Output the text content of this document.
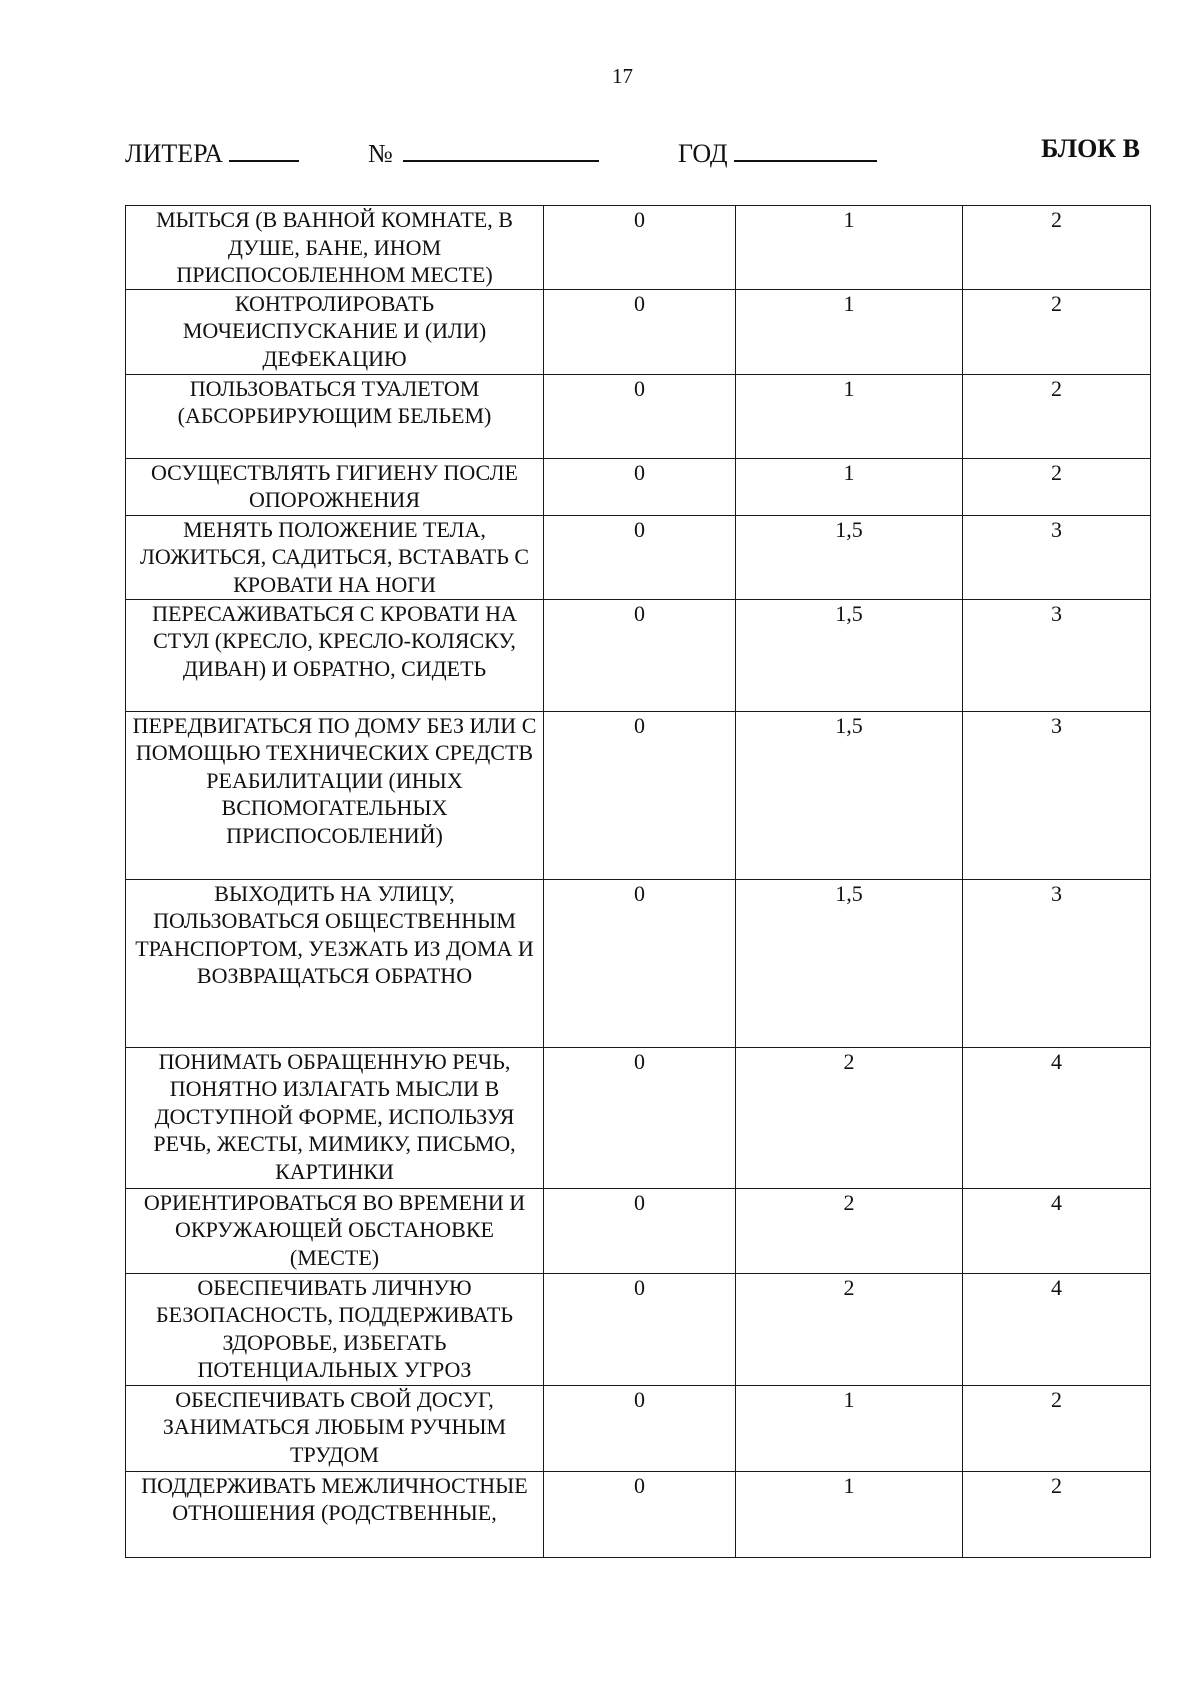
17
ЛИТЕРА	№	ГОД	БЛОК В
МЫТЬСЯ (В ВАННОЙ КОМНАТЕ, В ДУШЕ, БАНЕ, ИНОМ ПРИСПОСОБЛЕННОМ МЕСТЕ)	0	1	2
КОНТРОЛИРОВАТЬ МОЧЕИСПУСКАНИЕ И (ИЛИ) ДЕФЕКАЦИЮ	0	1	2
ПОЛЬЗОВАТЬСЯ ТУАЛЕТОМ (АБСОРБИРУЮЩИМ БЕЛЬЕМ)	0	1	2
ОСУЩЕСТВЛЯТЬ ГИГИЕНУ ПОСЛЕ ОПОРОЖНЕНИЯ	0	1	2
МЕНЯТЬ ПОЛОЖЕНИЕ ТЕЛА, ЛОЖИТЬСЯ, САДИТЬСЯ, ВСТАВАТЬ С КРОВАТИ НА НОГИ	0	1,5	3
ПЕРЕСАЖИВАТЬСЯ С КРОВАТИ НА СТУЛ (КРЕСЛО, КРЕСЛО-КОЛЯСКУ, ДИВАН) И ОБРАТНО, СИДЕТЬ	0	1,5	3
ПЕРЕДВИГАТЬСЯ ПО ДОМУ БЕЗ ИЛИ С ПОМОЩЬЮ ТЕХНИЧЕСКИХ СРЕДСТВ РЕАБИЛИТАЦИИ (ИНЫХ ВСПОМОГАТЕЛЬНЫХ ПРИСПОСОБЛЕНИЙ)	0	1,5	3
ВЫХОДИТЬ НА УЛИЦУ, ПОЛЬЗОВАТЬСЯ ОБЩЕСТВЕННЫМ ТРАНСПОРТОМ, УЕЗЖАТЬ ИЗ ДОМА И ВОЗВРАЩАТЬСЯ ОБРАТНО	0	1,5	3
ПОНИМАТЬ ОБРАЩЕННУЮ РЕЧЬ, ПОНЯТНО ИЗЛАГАТЬ МЫСЛИ В ДОСТУПНОЙ ФОРМЕ, ИСПОЛЬЗУЯ РЕЧЬ, ЖЕСТЫ, МИМИКУ, ПИСЬМО, КАРТИНКИ	0	2	4
ОРИЕНТИРОВАТЬСЯ ВО ВРЕМЕНИ И ОКРУЖАЮЩЕЙ ОБСТАНОВКЕ (МЕСТЕ)	0	2	4
ОБЕСПЕЧИВАТЬ ЛИЧНУЮ БЕЗОПАСНОСТЬ, ПОДДЕРЖИВАТЬ ЗДОРОВЬЕ, ИЗБЕГАТЬ ПОТЕНЦИАЛЬНЫХ УГРОЗ	0	2	4
ОБЕСПЕЧИВАТЬ СВОЙ ДОСУГ, ЗАНИМАТЬСЯ ЛЮБЫМ РУЧНЫМ ТРУДОМ	0	1	2
ПОДДЕРЖИВАТЬ МЕЖЛИЧНОСТНЫЕ ОТНОШЕНИЯ (РОДСТВЕННЫЕ,	0	1	2
